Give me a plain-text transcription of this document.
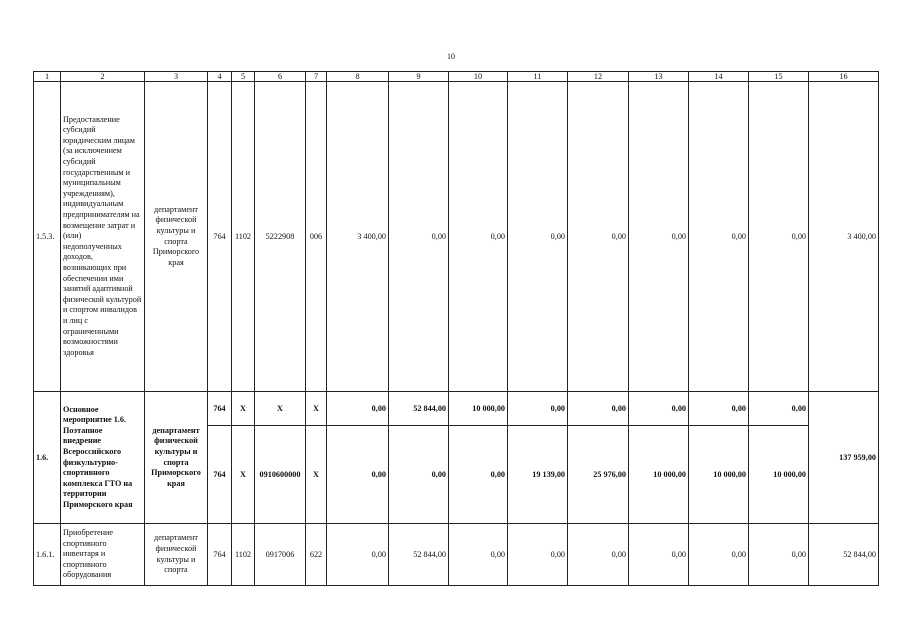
10
1	2	3	4	5	6	7	8	9	10	11	12	13	14	15	16
1.5.3.	Предоставление субсидий юридическим лицам (за исключением субсидий государственным и муниципальным учреждениям), индивидуальным предпринимателям на возмещение затрат и (или) недополученных доходов, возникающих при обеспечении ими занятий адаптивной физической культурой и спортом инвалидов и лиц с ограниченными возможностями здоровья	департамент физической культуры и спорта Приморского края	764	1102	5222908	006	3 400,00	0,00	0,00	0,00	0,00	0,00	0,00	0,00	3 400,00
1.6.	Основное мероприятие 1.6. Поэтапное внедрение Всероссийского физкультурно-спортивного комплекса ГТО на территории Приморского края	департамент физической культуры и спорта Приморского края	764	X	X	X	0,00	52 844,00	10 000,00	0,00	0,00	0,00	0,00	0,00	137 959,00
			764	X	0910600000	X	0,00	0,00	0,00	19 139,00	25 976,00	10 000,00	10 000,00	10 000,00	
1.6.1.	Приобретение спортивного инвентаря и спортивного оборудования	департамент физической культуры и спорта	764	1102	0917006	622	0,00	52 844,00	0,00	0,00	0,00	0,00	0,00	0,00	52 844,00
